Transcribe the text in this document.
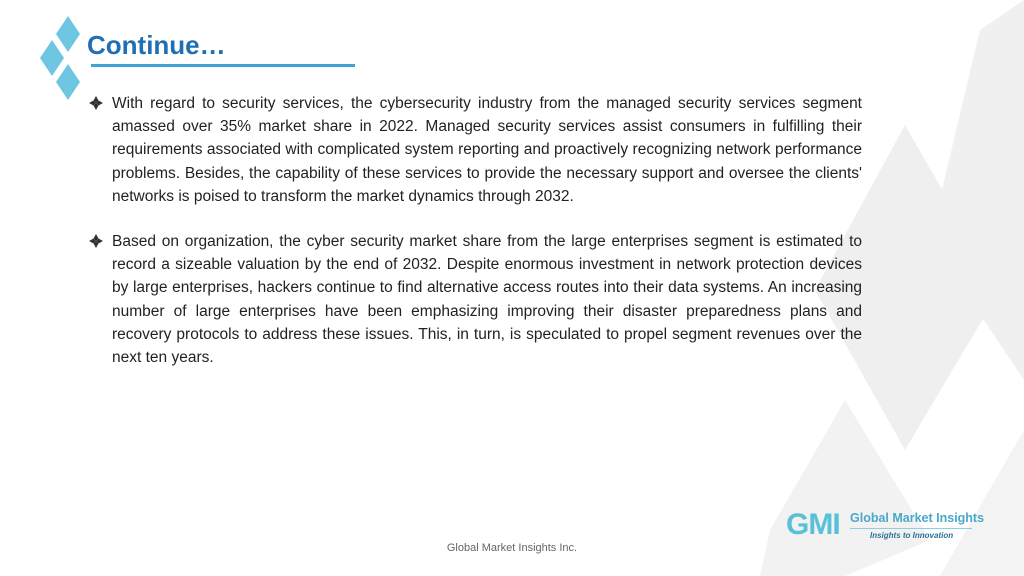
Continue…

With regard to security services, the cybersecurity industry from the managed security services segment amassed over 35% market share in 2022. Managed security services assist consumers in fulfilling their requirements associated with complicated system reporting and proactively recognizing network performance problems. Besides, the capability of these services to provide the necessary support and oversee the clients' networks is poised to transform the market dynamics through 2032.

Based on organization, the cyber security market share from the large enterprises segment is estimated to record a sizeable valuation by the end of 2032. Despite enormous investment in network protection devices by large enterprises, hackers continue to find alternative access routes into their data systems. An increasing number of large enterprises have been emphasizing improving their disaster preparedness plans and recovery protocols to address these issues. This, in turn, is speculated to propel segment revenues over the next ten years.

GMI Global Market Insights
Insights to Innovation
Global Market Insights Inc.
